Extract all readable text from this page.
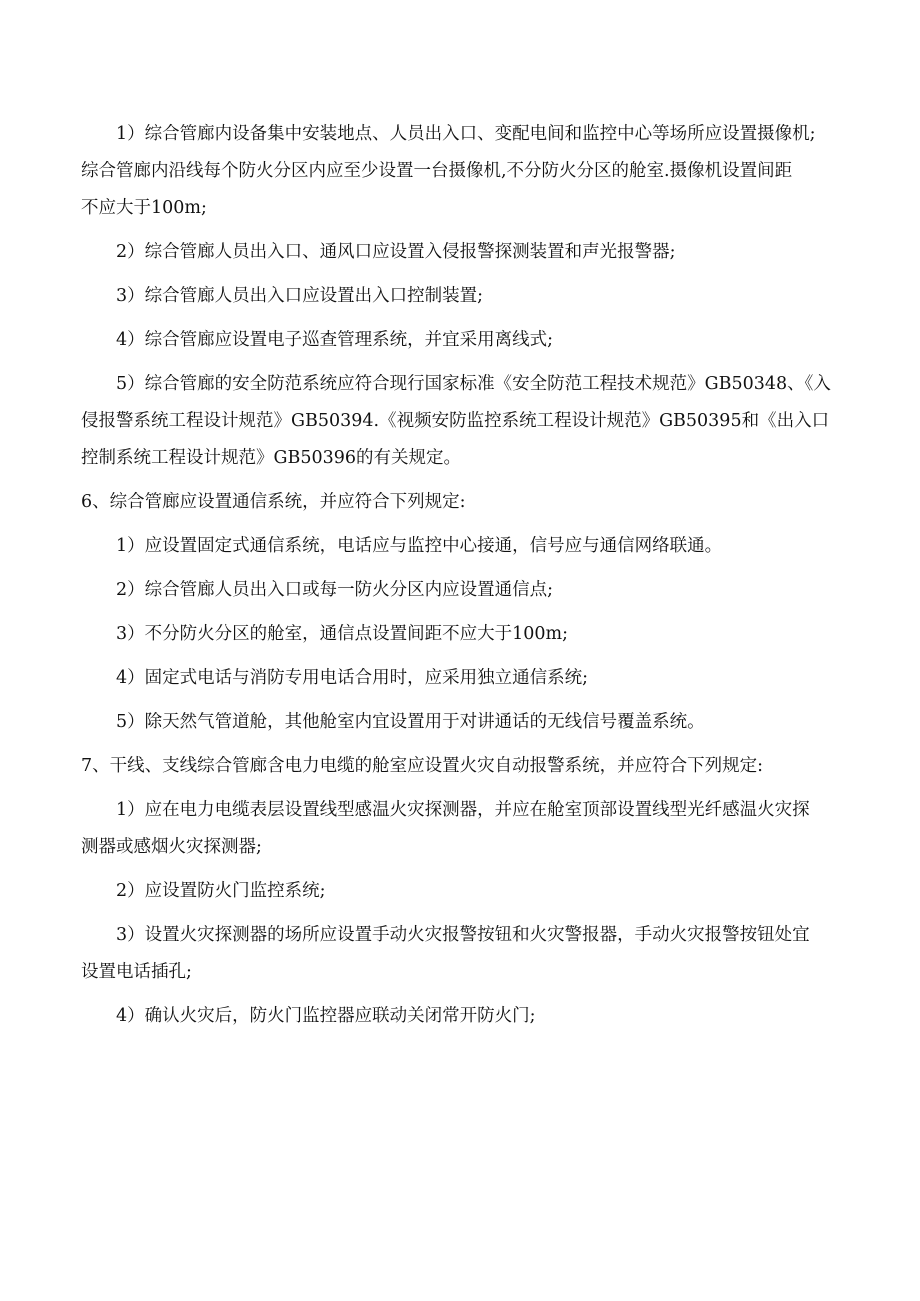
1）综合管廊内设备集中安装地点、人员出入口、变配电间和监控中心等场所应设置摄像机;
综合管廊内沿线每个防火分区内应至少设置一台摄像机,不分防火分区的舱室.摄像机设置间距
不应大于100m;
2）综合管廊人员出入口、通风口应设置入侵报警探测装置和声光报警器;
3）综合管廊人员出入口应设置出入口控制装置;
4）综合管廊应设置电子巡查管理系统，并宜采用离线式;
5）综合管廊的安全防范系统应符合现行国家标准《安全防范工程技术规范》GB50348、《入
侵报警系统工程设计规范》GB50394.《视频安防监控系统工程设计规范》GB50395和《出入口
控制系统工程设计规范》GB50396的有关规定。
6、综合管廊应设置通信系统，并应符合下列规定:
1）应设置固定式通信系统，电话应与监控中心接通，信号应与通信网络联通。
2）综合管廊人员出入口或每一防火分区内应设置通信点;
3）不分防火分区的舱室，通信点设置间距不应大于100m;
4）固定式电话与消防专用电话合用时，应采用独立通信系统;
5）除天然气管道舱，其他舱室内宜设置用于对讲通话的无线信号覆盖系统。
7、干线、支线综合管廊含电力电缆的舱室应设置火灾自动报警系统，并应符合下列规定:
1）应在电力电缆表层设置线型感温火灾探测器，并应在舱室顶部设置线型光纤感温火灾探
测器或感烟火灾探测器;
2）应设置防火门监控系统;
3）设置火灾探测器的场所应设置手动火灾报警按钮和火灾警报器，手动火灾报警按钮处宜
设置电话插孔;
4）确认火灾后，防火门监控器应联动关闭常开防火门;
